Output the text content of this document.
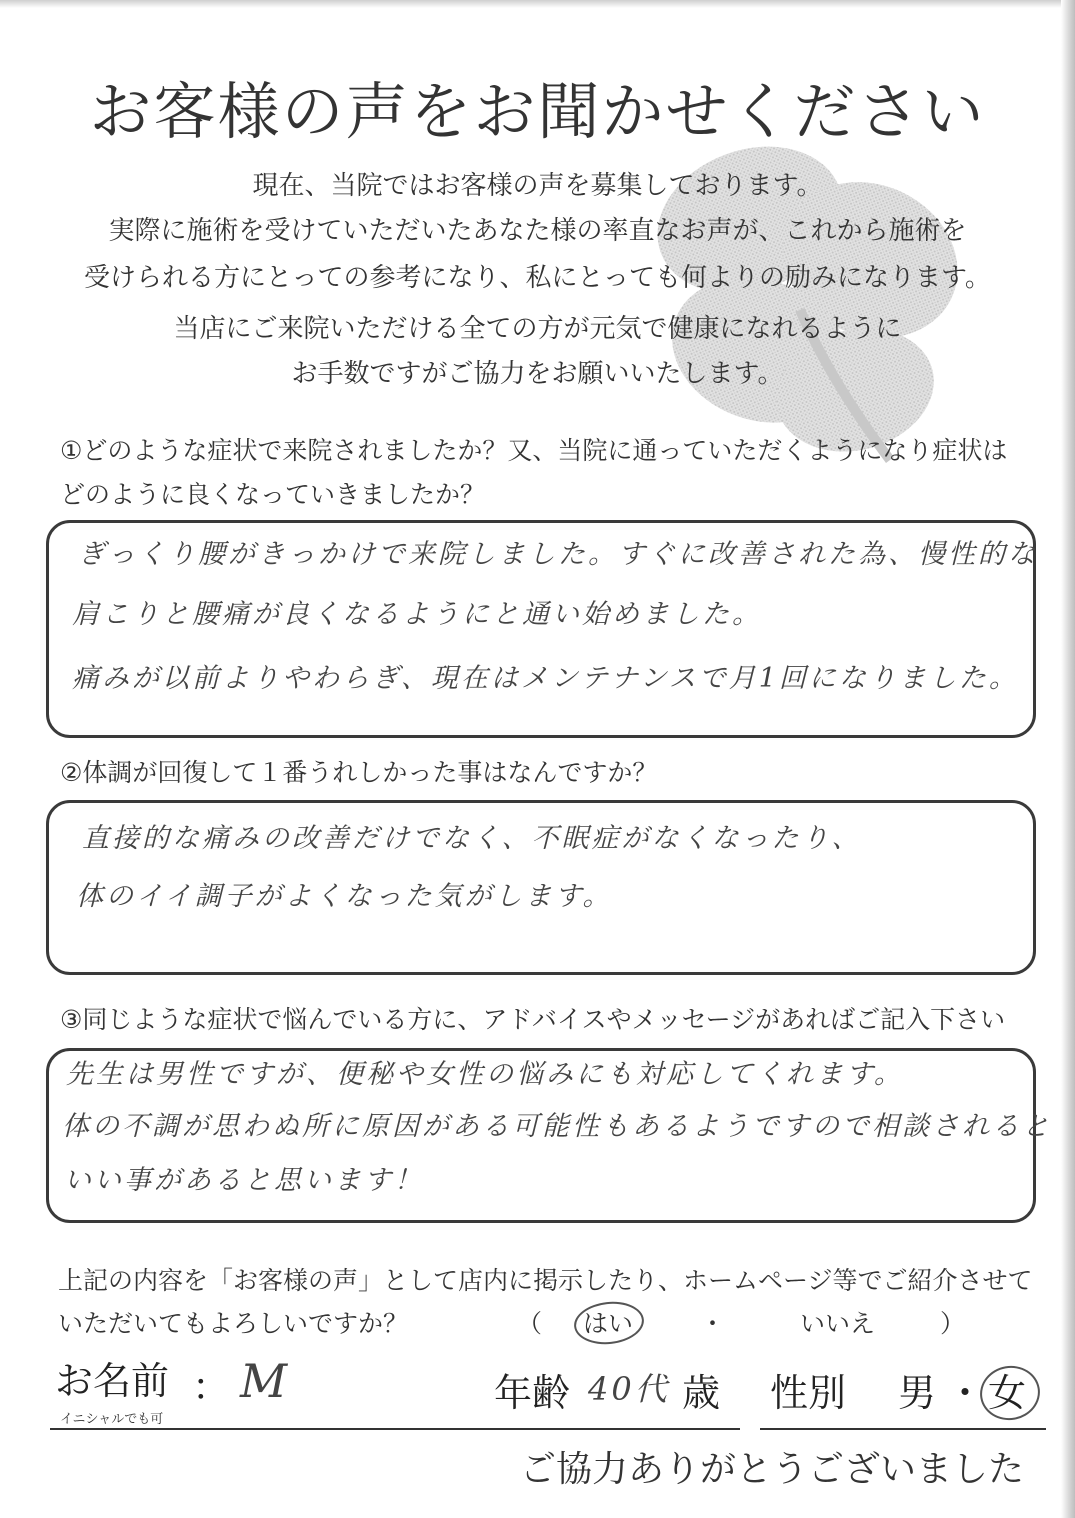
お客様の声をお聞かせください
現在、当院ではお客様の声を募集しております。
実際に施術を受けていただいたあなた様の率直なお声が、これから施術を
受けられる方にとっての参考になり、私にとっても何よりの励みになります。
当店にご来院いただける全ての方が元気で健康になれるように
お手数ですがご協力をお願いいたします。
①どのような症状で来院されましたか？又、当院に通っていただくようになり症状は
どのように良くなっていきましたか？
ぎっくり腰がきっかけで来院しました。すぐに改善された為、慢性的な
肩こりと腰痛が良くなるようにと通い始めました。
痛みが以前よりやわらぎ、現在はメンテナンスで月1回になりました。
②体調が回復して１番うれしかった事はなんですか？
直接的な痛みの改善だけでなく、不眠症がなくなったり、
体のイイ調子がよくなった気がします。
③同じような症状で悩んでいる方に、アドバイスやメッセージがあればご記入下さい
先生は男性ですが、便秘や女性の悩みにも対応してくれます。
体の不調が思わぬ所に原因がある可能性もあるようですので相談されると
いい事があると思います！
上記の内容を「お客様の声」として店内に掲示したり、ホームページ等でご紹介させて
いただいてもよろしいですか？	（ はい	・	いいえ	）
お名前 ：
イニシャルでも可
M	年齢 40代 歳 性別 男 ・ 女
ご協力ありがとうございました
